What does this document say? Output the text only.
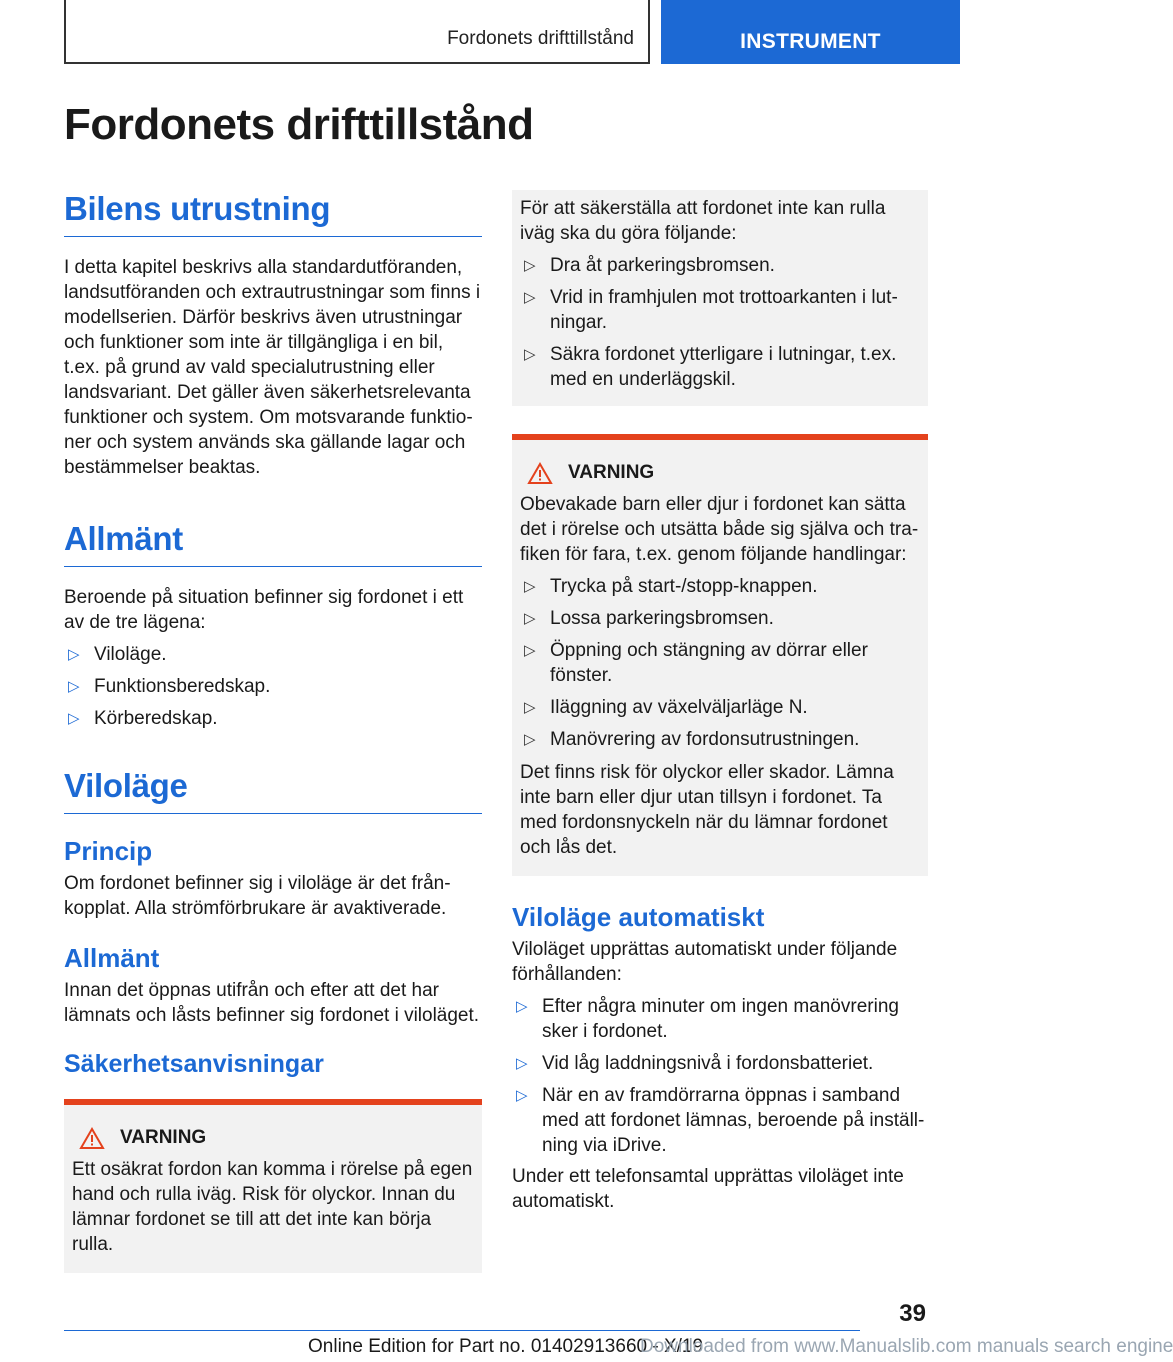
Fordonets drifttillstånd	INSTRUMENT
Fordonets drifttillstånd
Bilens utrustning

I detta kapitel beskrivs alla standardutföranden, landsutföranden och extrautrustningar som finns i modellserien. Därför beskrivs även utrustningar och funktioner som inte är tillgängliga i en bil, t.ex. på grund av vald specialutrustning eller landsvariant. Det gäller även säkerhetsrelevanta funktioner och system. Om motsvarande funktioner och system används ska gällande lagar och bestämmelser beaktas.

Allmänt

Beroende på situation befinner sig fordonet i ett av de tre lägena:

▷ Viloläge.
▷ Funktionsberedskap.
▷ Körberedskap.
Viloläge
Princip

Om fordonet befinner sig i viloläge är det frånkopplat. Alla strömförbrukare är avaktiverade.

Allmänt

Innan det öppnas utifrån och efter att det har lämnats och låsts befinner sig fordonet i viloläget.

Säkerhetsanvisningar
VARNING

Ett osäkrat fordon kan komma i rörelse på egen hand och rulla iväg. Risk för olyckor. Innan du lämnar fordonet se till att det inte kan börja rulla.

För att säkerställa att fordonet inte kan rulla iväg ska du göra följande:

▷ Dra åt parkeringsbromsen.
▷ Vrid in framhjulen mot trottoarkanten i lutningar.
▷ Säkra fordonet ytterligare i lutningar, t.ex. med en underläggskil.
VARNING

Obevakade barn eller djur i fordonet kan sätta det i rörelse och utsätta både sig själva och trafiken för fara, t.ex. genom följande handlingar:

▷ Trycka på start-/stopp-knappen.
▷ Lossa parkeringsbromsen.
▷ Öppning och stängning av dörrar eller fönster.
▷ Iläggning av växelväljarläge N.
▷ Manövrering av fordonsutrustningen.

Det finns risk för olyckor eller skador. Lämna inte barn eller djur utan tillsyn i fordonet. Ta med fordonsnyckeln när du lämnar fordonet och lås det.

Viloläge automatiskt

Viloläget upprättas automatiskt under följande förhållanden:

▷ Efter några minuter om ingen manövrering sker i fordonet.
▷ Vid låg laddningsnivå i fordonsbatteriet.
▷ När en av framdörrarna öppnas i samband med att fordonet lämnas, beroende på inställning via iDrive.

Under ett telefonsamtal upprättas viloläget inte automatiskt.

39
Online Edition for Part no. 01402913660 - X/19
Downloaded from www.Manualslib.com manuals search engine
